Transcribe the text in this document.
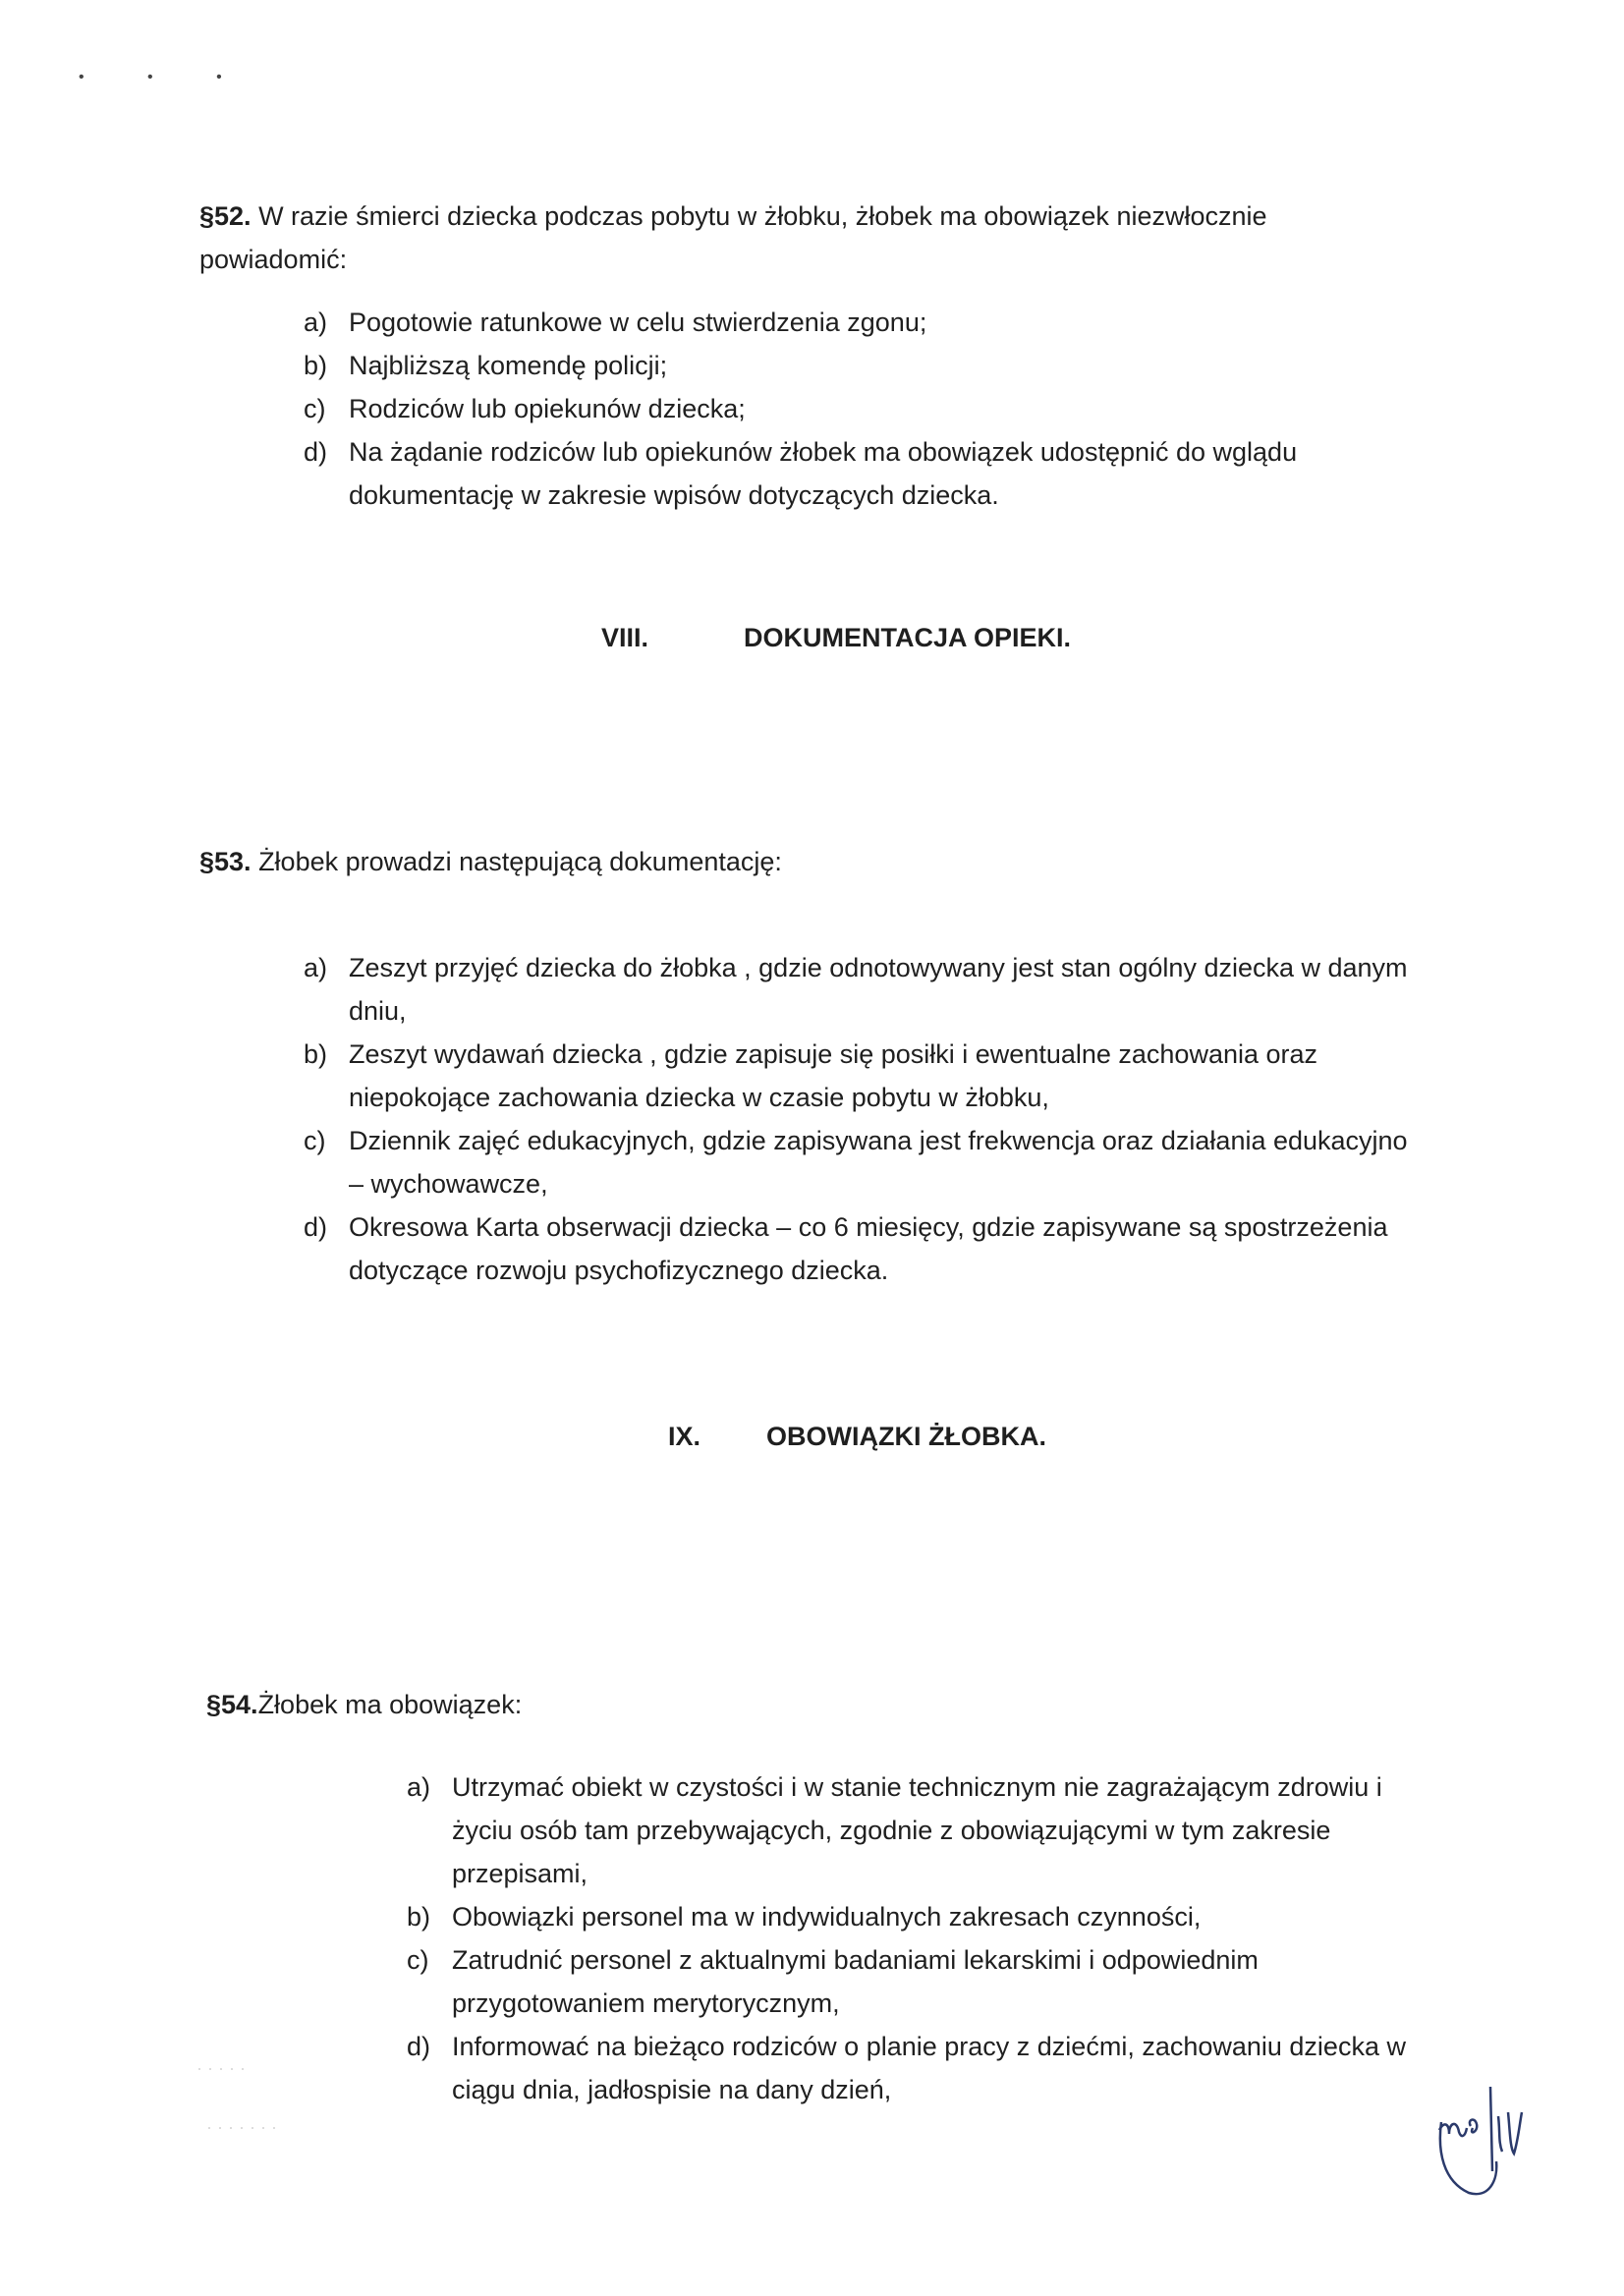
• • •

§52. W razie śmierci dziecka podczas pobytu w żłobku, żłobek ma obowiązek niezwłocznie powiadomić:

a) Pogotowie ratunkowe w celu stwierdzenia zgonu;
b) Najbliższą komendę policji;
c) Rodziców lub opiekunów dziecka;
d) Na żądanie rodziców lub opiekunów żłobek ma obowiązek udostępnić do wglądu dokumentację w zakresie wpisów dotyczących dziecka.
VIII.	DOKUMENTACJA OPIEKI.

§53. Żłobek prowadzi następującą dokumentację:

a) Zeszyt przyjęć dziecka do żłobka , gdzie odnotowywany jest stan ogólny dziecka w danym dniu,
b) Zeszyt wydawań dziecka , gdzie zapisuje się posiłki i ewentualne zachowania oraz niepokojące zachowania dziecka w czasie pobytu w żłobku,
c) Dziennik zajęć edukacyjnych, gdzie zapisywana jest frekwencja oraz działania edukacyjno – wychowawcze,
d) Okresowa Karta obserwacji dziecka – co 6 miesięcy, gdzie zapisywane są spostrzeżenia dotyczące rozwoju psychofizycznego dziecka.
IX. OBOWIĄZKI ŻŁOBKA.

§54.Żłobek ma obowiązek:

a) Utrzymać obiekt w czystości i w stanie technicznym nie zagrażającym zdrowiu i życiu osób tam przebywających, zgodnie z obowiązującymi w tym zakresie przepisami,
b) Obowiązki personel ma w indywidualnych zakresach czynności,
c) Zatrudnić personel z aktualnymi badaniami lekarskimi i odpowiednim przygotowaniem merytorycznym,
d) Informować na bieżąco rodziców o planie pracy z dziećmi, zachowaniu dziecka w ciągu dnia, jadłospisie na dany dzień,
· · · · ·
· · · · · · ·
